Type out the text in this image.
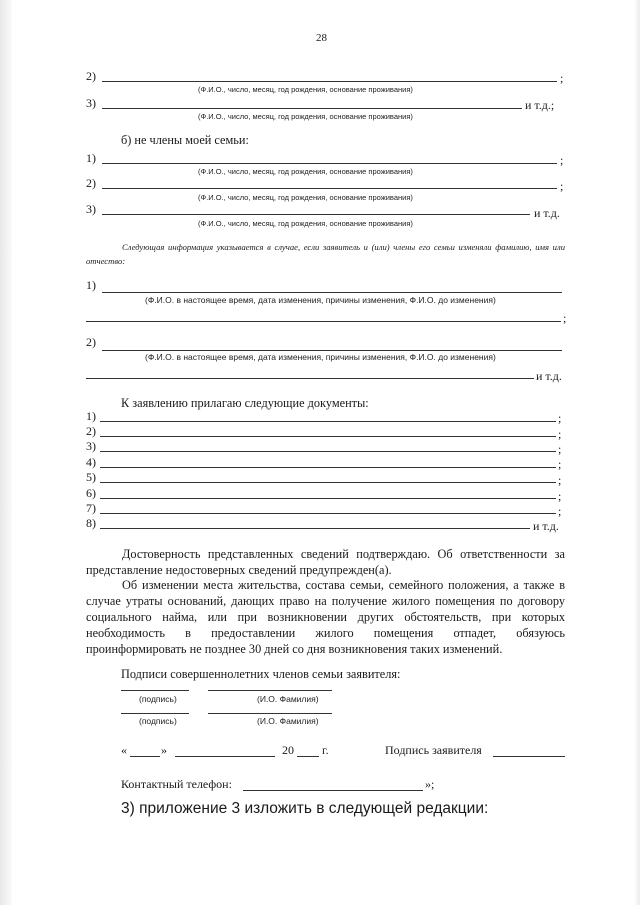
28
2)	;
(Ф.И.О., число, месяц, год рождения, основание проживания)
3)	и т.д.;
(Ф.И.О., число, месяц, год рождения, основание проживания)
б) не члены моей семьи:
1)	;
(Ф.И.О., число, месяц, год рождения, основание проживания)
2)	;
(Ф.И.О., число, месяц, год рождения, основание проживания)
3)	и т.д.
(Ф.И.О., число, месяц, год рождения, основание проживания)
Следующая информация указывается в случае, если заявитель и (или) члены его семьи изменяли фамилию, имя или отчество:
1)
(Ф.И.О. в настоящее время, дата изменения, причины изменения, Ф.И.О. до изменения)
;
2)
(Ф.И.О. в настоящее время, дата изменения, причины изменения, Ф.И.О. до изменения)
и т.д.
К заявлению прилагаю следующие документы:
1)	;
2)	;
3)	;
4)	;
5)	;
6)	;
7)	;
8)	и т.д.
Достоверность представленных сведений подтверждаю. Об ответственности за представление недостоверных сведений предупрежден(а).
Об изменении места жительства, состава семьи, семейного положения, а также в случае утраты оснований, дающих право на получение жилого помещения по договору социального найма, или при возникновении других обстоятельств, при которых необходимость в предоставлении жилого помещения отпадет, обязуюсь проинформировать не позднее 30 дней со дня возникновения таких изменений.
Подписи совершеннолетних членов семьи заявителя:
(подпись)	(И.О. Фамилия)
(подпись)	(И.О. Фамилия)
«	»	20 г.	Подпись заявителя
Контактный телефон:	»;
3) приложение 3 изложить в следующей редакции:
